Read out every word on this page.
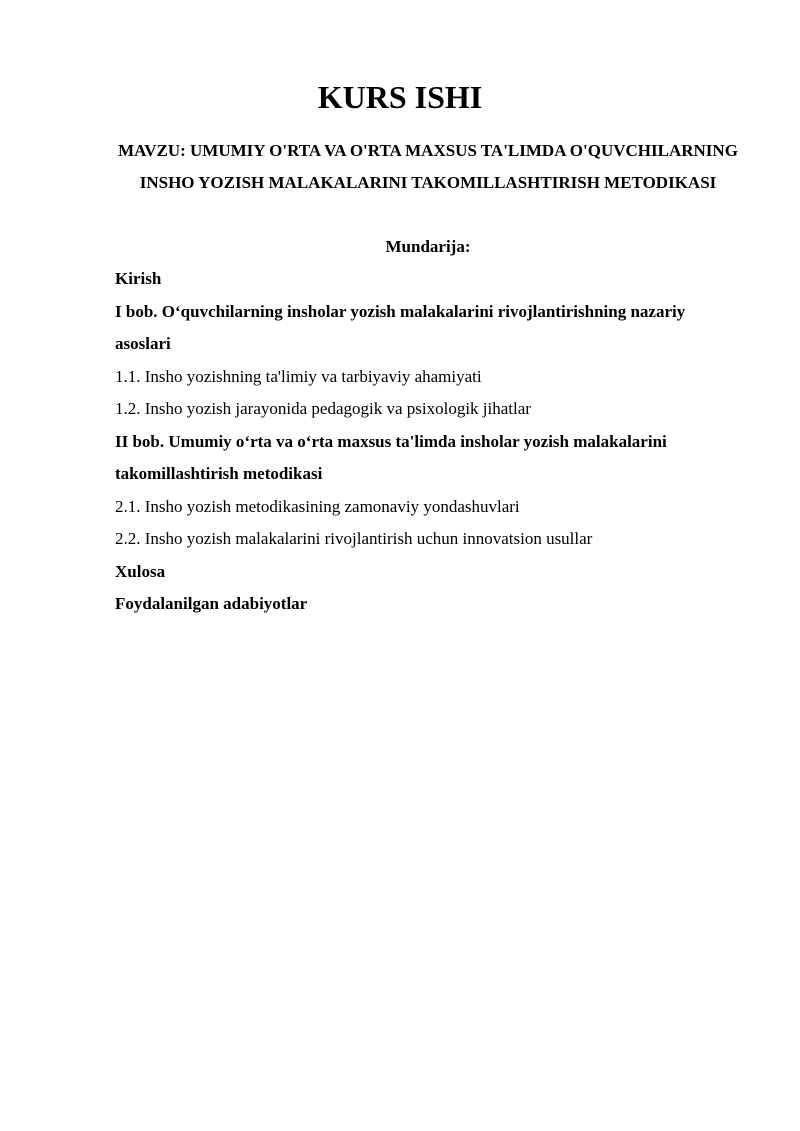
KURS ISHI

MAVZU: UMUMIY O'RTA VA O'RTA MAXSUS TA'LIMDA O'QUVCHILARNING INSHO YOZISH MALAKALARINI TAKOMILLASHTIRISH METODIKASI

Mundarija:

Kirish
I bob. O‘quvchilarning insholar yozish malakalarini rivojlantirishning nazariy asoslari
1.1. Insho yozishning ta'limiy va tarbiyaviy ahamiyati
1.2. Insho yozish jarayonida pedagogik va psixologik jihatlar
II bob. Umumiy o‘rta va o‘rta maxsus ta'limda insholar yozish malakalarini takomillashtirish metodikasi
2.1. Insho yozish metodikasining zamonaviy yondashuvlari
2.2. Insho yozish malakalarini rivojlantirish uchun innovatsion usullar
Xulosa
Foydalanilgan adabiyotlar
